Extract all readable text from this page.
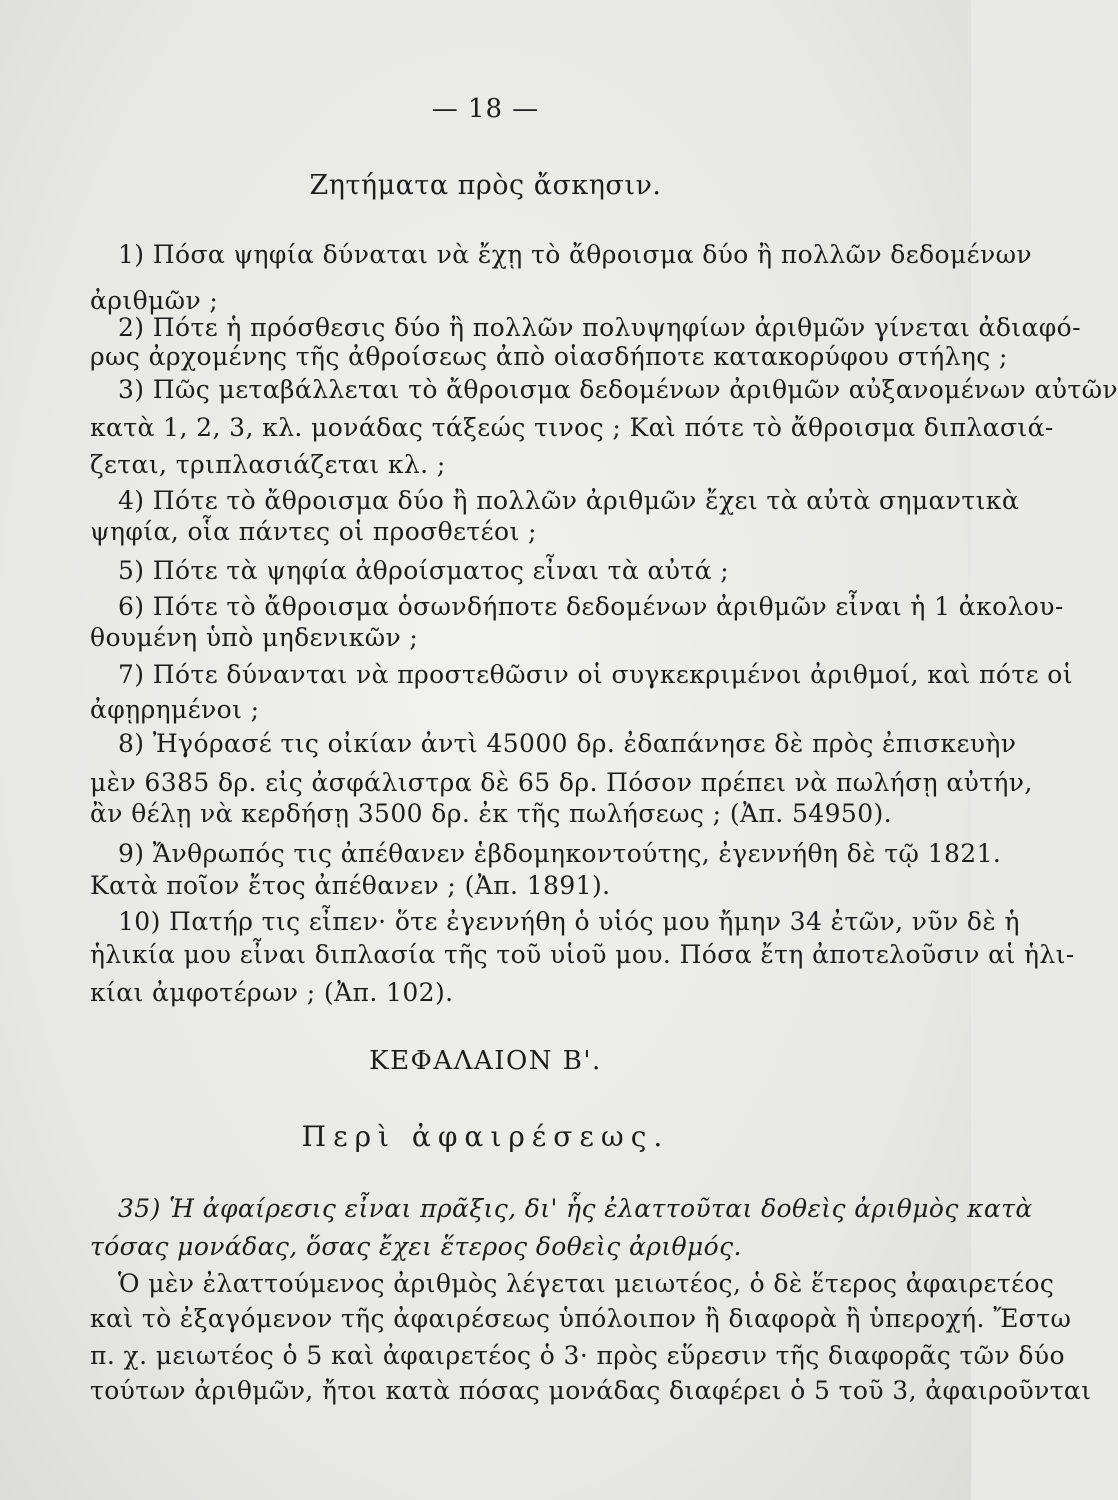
— 18 —
Ζητήματα πρὸς ἄσκησιν.
1) Πόσα ψηφία δύναται νὰ ἔχῃ τὸ ἄθροισμα δύο ἢ πολλῶν δεδομένων
ἀριθμῶν ;
2) Πότε ἡ πρόσθεσις δύο ἢ πολλῶν πολυψηφίων ἀριθμῶν γίνεται ἀδιαφό-
ρως ἀρχομένης τῆς ἀθροίσεως ἀπὸ οἱασδήποτε κατακορύφου στήλης ;
3) Πῶς μεταβάλλεται τὸ ἄθροισμα δεδομένων ἀριθμῶν αὐξανομένων αὐτῶν
κατὰ 1, 2, 3, κλ. μονάδας τάξεώς τινος ; Καὶ πότε τὸ ἄθροισμα διπλασιά-
ζεται, τριπλασιάζεται κλ. ;
4) Πότε τὸ ἄθροισμα δύο ἢ πολλῶν ἀριθμῶν ἔχει τὰ αὐτὰ σημαντικὰ
ψηφία, οἷα πάντες οἱ προσθετέοι ;
5) Πότε τὰ ψηφία ἀθροίσματος εἶναι τὰ αὐτά ;
6) Πότε τὸ ἄθροισμα ὁσωνδήποτε δεδομένων ἀριθμῶν εἶναι ἡ 1 ἀκολου-
θουμένη ὑπὸ μηδενικῶν ;
7) Πότε δύνανται νὰ προστεθῶσιν οἱ συγκεκριμένοι ἀριθμοί, καὶ πότε οἱ
ἀφῃρημένοι ;
8) Ἠγόρασέ τις οἰκίαν ἀντὶ 45000 δρ. ἐδαπάνησε δὲ πρὸς ἐπισκευὴν
μὲν 6385 δρ. εἰς ἀσφάλιστρα δὲ 65 δρ. Πόσον πρέπει νὰ πωλήσῃ αὐτήν,
ἂν θέλῃ νὰ κερδήσῃ 3500 δρ. ἐκ τῆς πωλήσεως ; (Ἀπ. 54950).
9) Ἄνθρωπός τις ἀπέθανεν ἑβδομηκοντούτης, ἐγεννήθη δὲ τῷ 1821.
Κατὰ ποῖον ἔτος ἀπέθανεν ; (Ἀπ. 1891).
10) Πατήρ τις εἶπεν· ὅτε ἐγεννήθη ὁ υἱός μου ἤμην 34 ἐτῶν, νῦν δὲ ἡ
ἡλικία μου εἶναι διπλασία τῆς τοῦ υἱοῦ μου. Πόσα ἔτη ἀποτελοῦσιν αἱ ἡλι-
κίαι ἀμφοτέρων ; (Ἀπ. 102).
ΚΕΦΑΛΑΙΟΝ Β'.
Περὶ ἀφαιρέσεως.
35) Ἡ ἀφαίρεσις εἶναι πρᾶξις, δι' ἧς ἐλαττοῦται δοθεὶς ἀριθμὸς κατὰ
τόσας μονάδας, ὅσας ἔχει ἕτερος δοθεὶς ἀριθμός.
Ὁ μὲν ἐλαττούμενος ἀριθμὸς λέγεται μειωτέος, ὁ δὲ ἕτερος ἀφαιρετέος
καὶ τὸ ἐξαγόμενον τῆς ἀφαιρέσεως ὑπόλοιπον ἢ διαφορὰ ἢ ὑπεροχή. Ἔστω
π. χ. μειωτέος ὁ 5 καὶ ἀφαιρετέος ὁ 3· πρὸς εὕρεσιν τῆς διαφορᾶς τῶν δύο
τούτων ἀριθμῶν, ἤτοι κατὰ πόσας μονάδας διαφέρει ὁ 5 τοῦ 3, ἀφαιροῦνται
